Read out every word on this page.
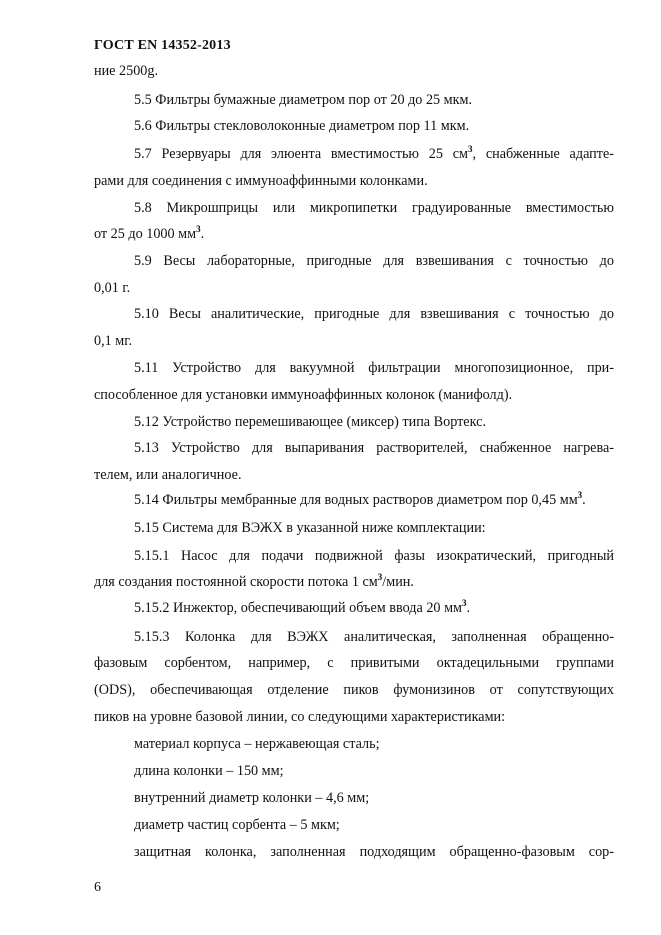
ГОСТ EN 14352-2013
ние 2500g.
5.5 Фильтры бумажные диаметром пор от 20 до 25 мкм.
5.6 Фильтры стекловолоконные диаметром пор 11 мкм.
5.7 Резервуары для элюента вместимостью 25 $см^3$, снабженные адапте-
рами для соединения с иммуноаффинными колонками.
5.8 Микрошприцы или микропипетки градуированные вместимостью
от 25 до 1000 $мм^3$.
5.9 Весы лабораторные, пригодные для взвешивания с точностью до
0,01 г.
5.10 Весы аналитические, пригодные для взвешивания с точностью до
0,1 мг.
5.11 Устройство для вакуумной фильтрации многопозиционное, при-
способленное для установки иммуноаффинных колонок (манифолд).
5.12 Устройство перемешивающее (миксер) типа Вортекс.
5.13 Устройство для выпаривания растворителей, снабженное нагрева-
телем, или аналогичное.
5.14 Фильтры мембранные для водных растворов диаметром пор 0,45 $мм^3$.
5.15 Система для ВЭЖХ в указанной ниже комплектации:
5.15.1 Насос для подачи подвижной фазы изократический, пригодный
для создания постоянной скорости потока 1 $см^3$/мин.
5.15.2 Инжектор, обеспечивающий объем ввода 20 $мм^3$.
5.15.3 Колонка для ВЭЖХ аналитическая, заполненная обращенно-
фазовым сорбентом, например, с привитыми октадецильными группами
(ODS), обеспечивающая отделение пиков фумонизинов от сопутствующих
пиков на уровне базовой линии, со следующими характеристиками:
материал корпуса – нержавеющая сталь;
длина колонки – 150 мм;
внутренний диаметр колонки – 4,6 мм;
диаметр частиц сорбента – 5 мкм;
защитная колонка, заполненная подходящим обращенно-фазовым сор-
6
